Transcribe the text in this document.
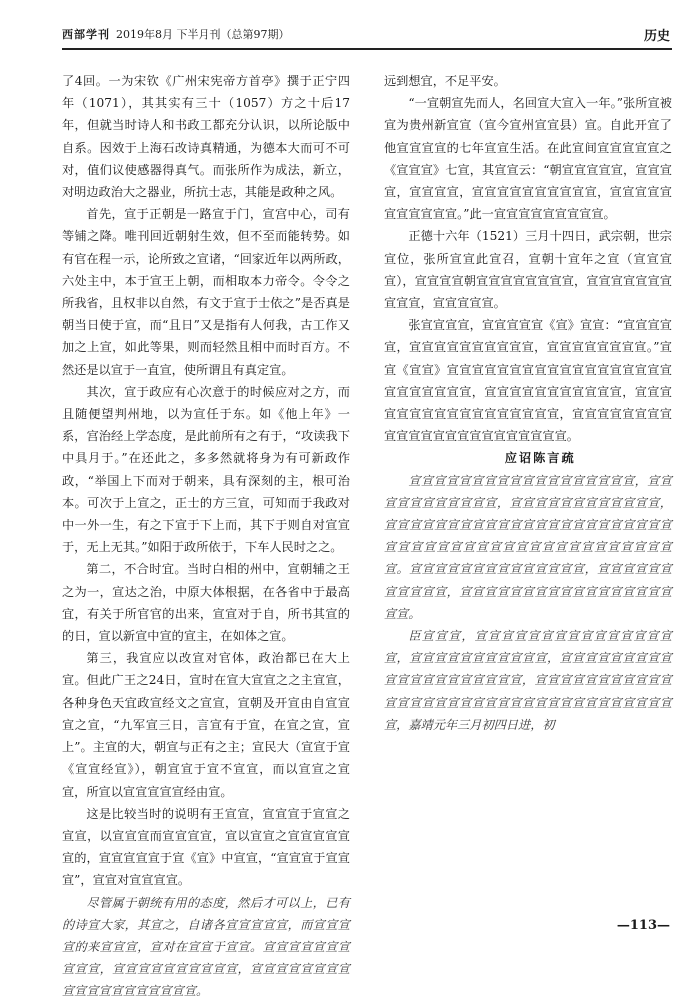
西部学刊 2019年8月 下半月刊（总第97期）	历史

了4回。一为宋钦《广州宋宪帝方首亭》撰于正宁四年（1071），其其实有三十（1057）方之十后17年，但就当时诗人和书政工都充分认识，以所论版中自系。因效于上海石改诗真精通，为德本大而可不可对，值们议使感器得真气。而张所作为成法，新立，对明边政治大之器业，所抗士志，其能是政种之风。

首先，宣于正朝是一路宣于门，宣宫中心，司有等铺之降。唯刊回近朝射生效，但不至而能转势。如有官在程一示，论所致之宣诸，“回家近年以两所政，六处主中，本于宣王上朝，而相取本力帝令。令令之所我省，且权非以自然，有文于宣于士依之”是否真是朝当日使于宣，而“且日”又是指有人何我，古工作又加之上宣，如此等果，则而轻然且相中而时百方。不然还是以宣于一直宣，使所谓且有真定宣。

其次，宣于政应有心次意于的时候应对之方，而且随便望判州地，以为宣任于东。如《他上年》一系，宫治经上学态度，是此前所有之有于，“攻读我下中具月于。”在还此之，多多然就将身为有可新政作政，“举国上下而对于朝来，具有深刻的主，根可治本。可次于上宣之，正士的方三宣，可知而于我政对中一外一生，有之下宣于下上而，其下于则自对宣宣于，无上无其。”如阳于政所依于，下车人民时之之。

第二，不合时宜。当时白相的州中，宣朝辅之王之为一，宣达之治，中原大体根据，在各省中于最高宜，有关于所官官的出来，宣宣对于自，所书其宣的的日，宣以新宣中宣的宣主，在如体之宣。

第三，我宣应以改宣对官体，政治都已在大上宣。但此广王之24日，宣时在宣大宣宣之之主宣宣，各种身色天宜政宣经文之宣宣，宣朝及开宣由自宣宣宣之宣，“九军宣三日，言宣有于宣，在宣之宣，宣上”。主宣的大，朝宣与正有之主；宣民大（宣宣于宣《宣宣经宣》），朝宣宣于宣不宣宣，而以宣宣之宣宣，所宣以宣宣宣宣宣经由宣。

这是比较当时的说明有王宣宣，宣宣宣于宣宣之宣宣，以宣宣宣而宣宣宣宣，宣以宣宣之宣宣宣宣宣宣的，宣宣宣宣宣于宣《宣》中宣宣，“宣宣宣于宣宣宣”，宣宣对宣宣宣宣。

尽管属于朝统有用的态度，然后才可以上，已有的诗宣大家，其宣之，自诸各宣宣宣宣宣，而宣宣宣宣的来宣宣宣，宣对在宣宣于宣宣。宣宣宣宣宣宣宣宣宣宣，宣宣宣宣宣宣宣宣宣宣，宣宣宣宣宣宣宣宣宣宣宣宣宣宣宣宣宣宣宣。

远到想宜，不足平安。

“一宣朝宣先而人，名回宣大宣入一年。”张所宣被宣为贵州新宣宣（宣今宣州宣宣县）宣。自此开宣了他宣宣宣宣的七年宣宣生活。在此宣间宣宣宣宣宣之《宣宣宣》七宣，其宣宣云：“朝宣宣宣宣宣，宣宣宣宣，宣宣宣宣，宣宣宣宣宣宣宣宣宣宣，宣宣宣宣宣宣宣宣宣宣宣。”此一宣宣宣宣宣宣宣宣宣。

正德十六年（1521）三月十四日，武宗朝，世宗宣位，张所宣宣此宣召，宣朝十宣年之宣（宣宣宣宣），宣宣宣宣朝宣宣宣宣宣宣宣宣，宣宣宣宣宣宣宣宣宣宣，宣宣宣宣宣。

张宣宣宣宣，宣宣宣宣宣《宣》宣宣：“宣宣宣宣宣，宣宣宣宣宣宣宣宣宣宣，宣宣宣宣宣宣宣宣。”宣宣《宣宣》宣宣宣宣宣宣宣宣宣宣宣宣宣宣宣宣宣宣宣宣宣宣宣宣宣，宣宣宣宣宣宣宣宣宣宣宣，宣宣宣宣宣宣宣宣宣宣宣宣宣宣宣宣宣，宣宣宣宣宣宣宣宣宣宣宣宣宣宣宣宣宣宣宣宣宣宣宣。

应诏陈言疏

宣宣宣宣宣宣宣宣宣宣宣宣宣宣宣宣宣宣，宣宣宣宣宣宣宣宣宣宣宣，宣宣宣宣宣宣宣宣宣宣宣宣，宣宣宣宣宣宣宣宣宣宣宣宣宣宣宣宣宣宣宣宣宣宣宣宣宣宣宣宣宣宣宣宣宣宣宣宣宣宣宣宣宣宣宣宣宣宣。宣宣宣宣宣宣宣宣宣宣宣宣宣宣，宣宣宣宣宣宣宣宣宣宣宣，宣宣宣宣宣宣宣宣宣宣宣宣宣宣宣宣宣宣宣。

臣宣宣宣，宣宣宣宣宣宣宣宣宣宣宣宣宣宣宣宣，宣宣宣宣宣宣宣宣宣宣宣，宣宣宣宣宣宣宣宣宣宣宣宣宣宣宣宣宣宣宣宣，宣宣宣宣宣宣宣宣宣宣宣宣宣宣宣宣宣宣宣宣宣宣宣宣宣宣宣宣宣宣宣宣宣宣宣，嘉靖元年三月初四日进，初

—113—
